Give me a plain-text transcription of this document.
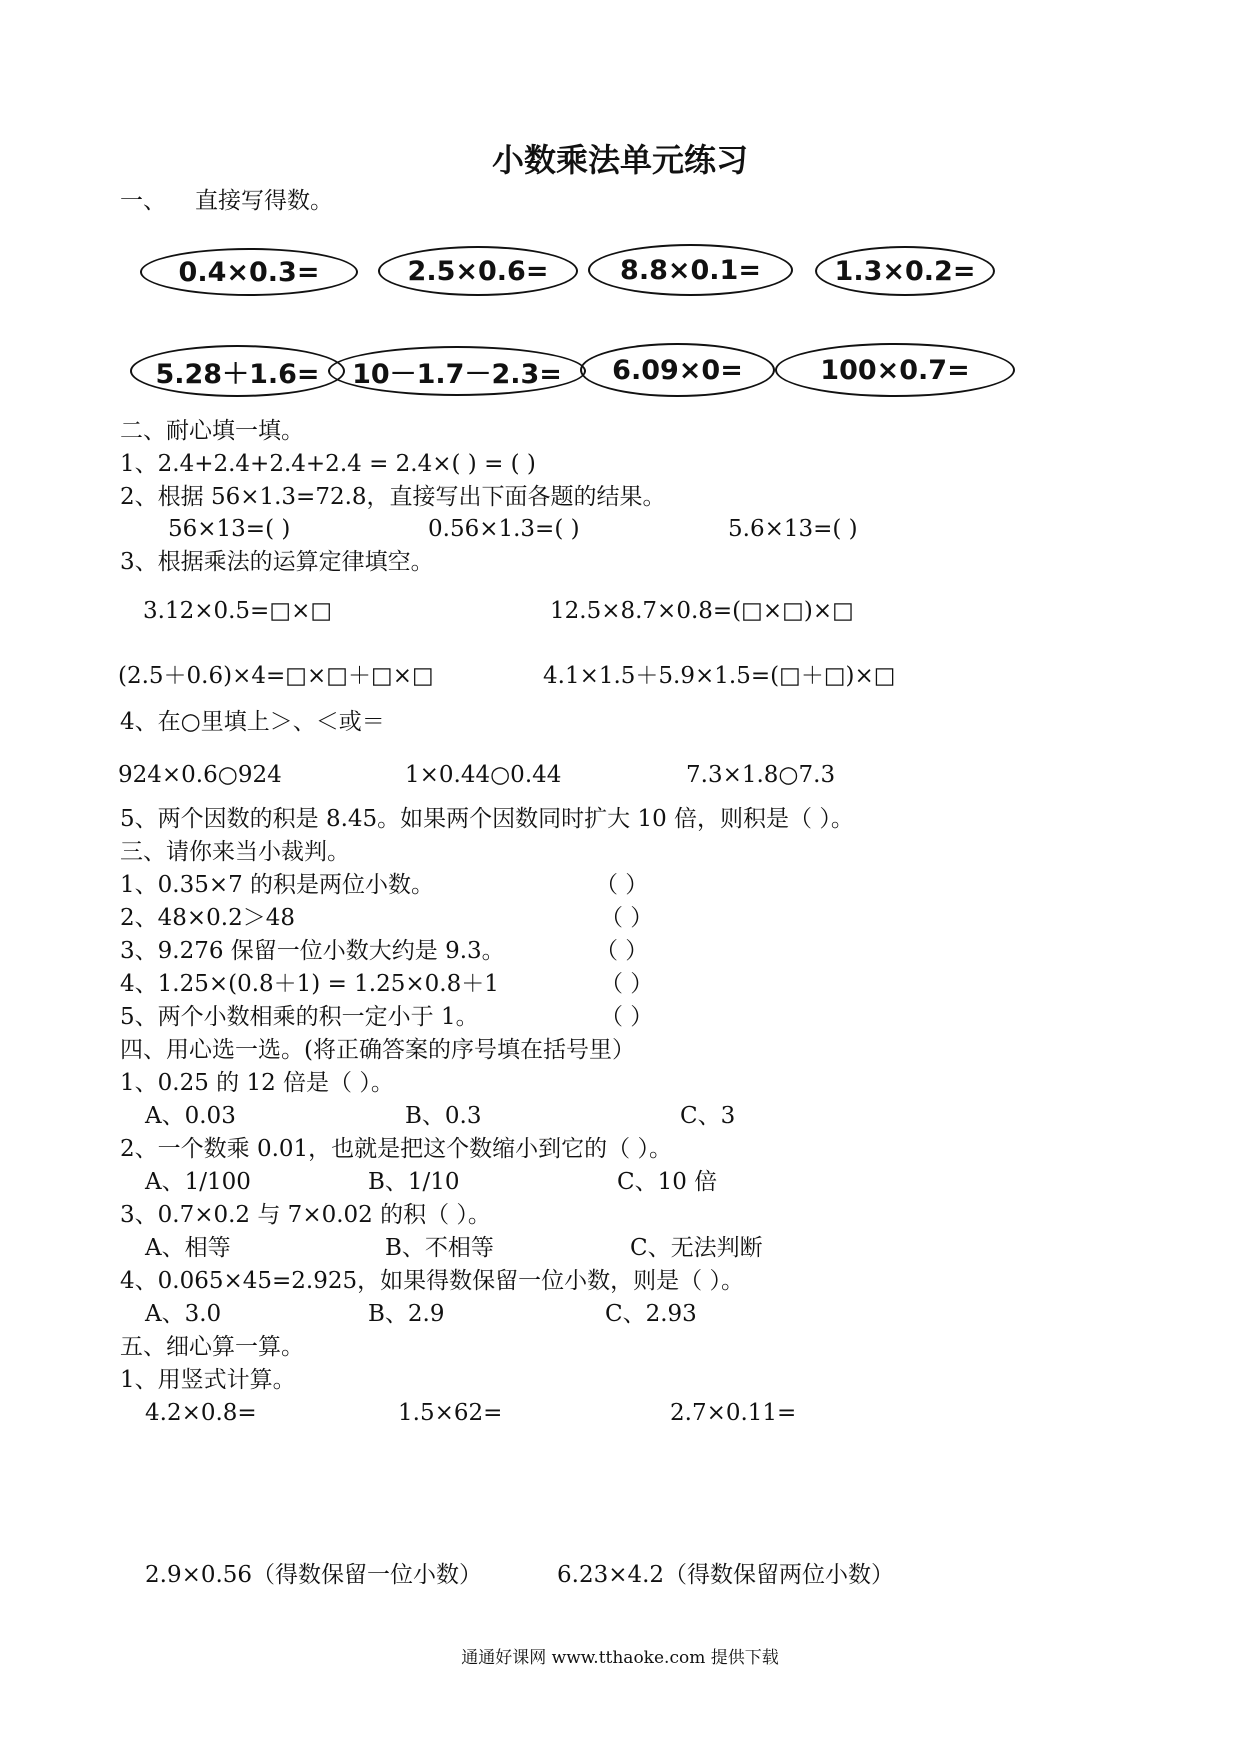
小数乘法单元练习
一、 直接写得数。
0.4×0.3=	2.5×0.6=	8.8×0.1=	1.3×0.2=
5.28＋1.6=	10－1.7－2.3=	6.09×0=	100×0.7=
二、耐心填一填。
1、2.4+2.4+2.4+2.4 = 2.4×( ) = ( )
2、根据 56×1.3=72.8，直接写出下面各题的结果。
56×13=( )	0.56×1.3=( )	5.6×13=( )
3、根据乘法的运算定律填空。
3.12×0.5=□×□	12.5×8.7×0.8=(□×□)×□
(2.5＋0.6)×4=□×□＋□×□	4.1×1.5＋5.9×1.5=(□＋□)×□
4、在○里填上＞、＜或＝
924×0.6○924	1×0.44○0.44	7.3×1.8○7.3
5、两个因数的积是 8.45。如果两个因数同时扩大 10 倍，则积是（ ）。
三、请你来当小裁判。
1、0.35×7 的积是两位小数。	（ ）
2、48×0.2＞48	（ ）
3、9.276 保留一位小数大约是 9.3。	（ ）
4、1.25×(0.8＋1) = 1.25×0.8＋1	（ ）
5、两个小数相乘的积一定小于 1。	（ ）
四、用心选一选。(将正确答案的序号填在括号里）
1、0.25 的 12 倍是（ ）。
A、0.03	B、0.3	C、3
2、一个数乘 0.01，也就是把这个数缩小到它的（ ）。
A、1/100	B、1/10	C、10 倍
3、0.7×0.2 与 7×0.02 的积（ ）。
A、相等	B、不相等	C、无法判断
4、0.065×45=2.925，如果得数保留一位小数，则是（ ）。
A、3.0	B、2.9	C、2.93
五、细心算一算。
1、用竖式计算。
4.2×0.8=	1.5×62=	2.7×0.11=
2.9×0.56（得数保留一位小数）	6.23×4.2（得数保留两位小数）
通通好课网 www.tthaoke.com 提供下载
